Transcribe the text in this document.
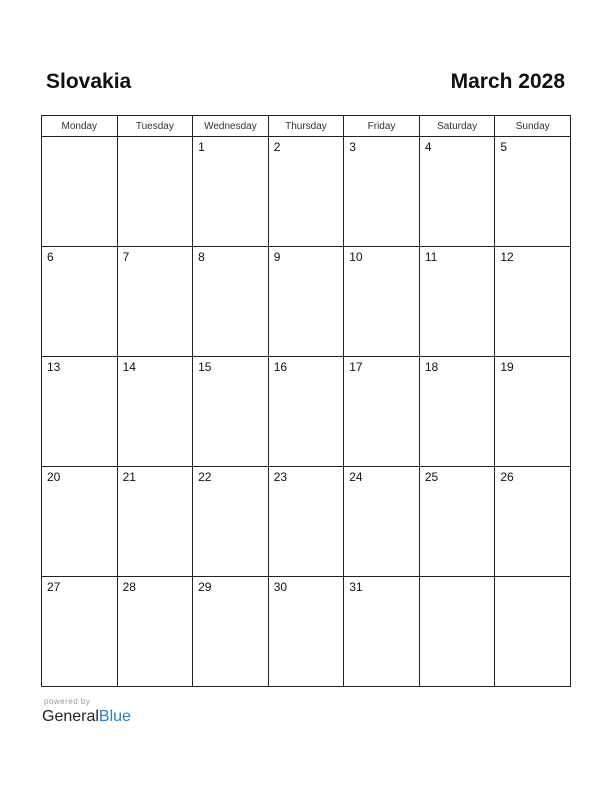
Slovakia	March 2028
Monday	Tuesday	Wednesday	Thursday	Friday	Saturday	Sunday

		1	2	3	4	5

6	7	8	9	10	11	12

13	14	15	16	17	18	19

20	21	22	23	24	25	26

27	28	29	30	31		

powered by
GeneralBlue
